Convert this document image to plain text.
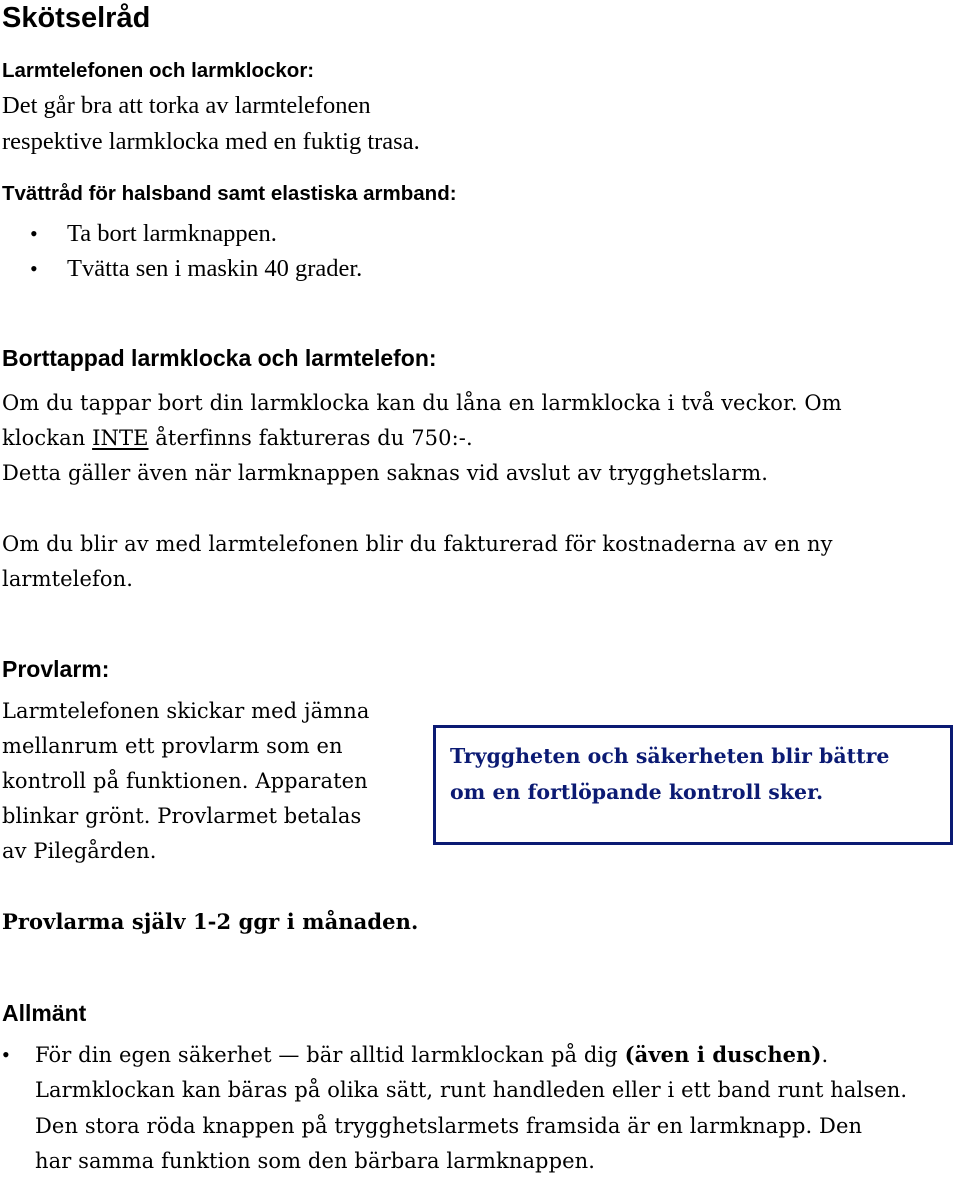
Skötselråd
Larmtelefonen och larmklockor:
Det går bra att torka av larmtelefonen
respektive larmklocka med en fuktig trasa.
Tvättråd för halsband samt elastiska armband:
• Ta bort larmknappen.
• Tvätta sen i maskin 40 grader.
Borttappad larmklocka och larmtelefon:
Om du tappar bort din larmklocka kan du låna en larmklocka i två veckor. Om
klockan INTE återfinns faktureras du 750:-.
Detta gäller även när larmknappen saknas vid avslut av trygghetslarm.
Om du blir av med larmtelefonen blir du fakturerad för kostnaderna av en ny
larmtelefon.
Provlarm:
Larmtelefonen skickar med jämna
mellanrum ett provlarm som en
kontroll på funktionen. Apparaten
blinkar grönt. Provlarmet betalas
av Pilegården.
Tryggheten och säkerheten blir bättre
om en fortlöpande kontroll sker.
Provlarma själv 1-2 ggr i månaden.
Allmänt
• För din egen säkerhet — bär alltid larmklockan på dig (även i duschen).
Larmklockan kan bäras på olika sätt, runt handleden eller i ett band runt halsen.
Den stora röda knappen på trygghetslarmets framsida är en larmknapp. Den
har samma funktion som den bärbara larmknappen.
